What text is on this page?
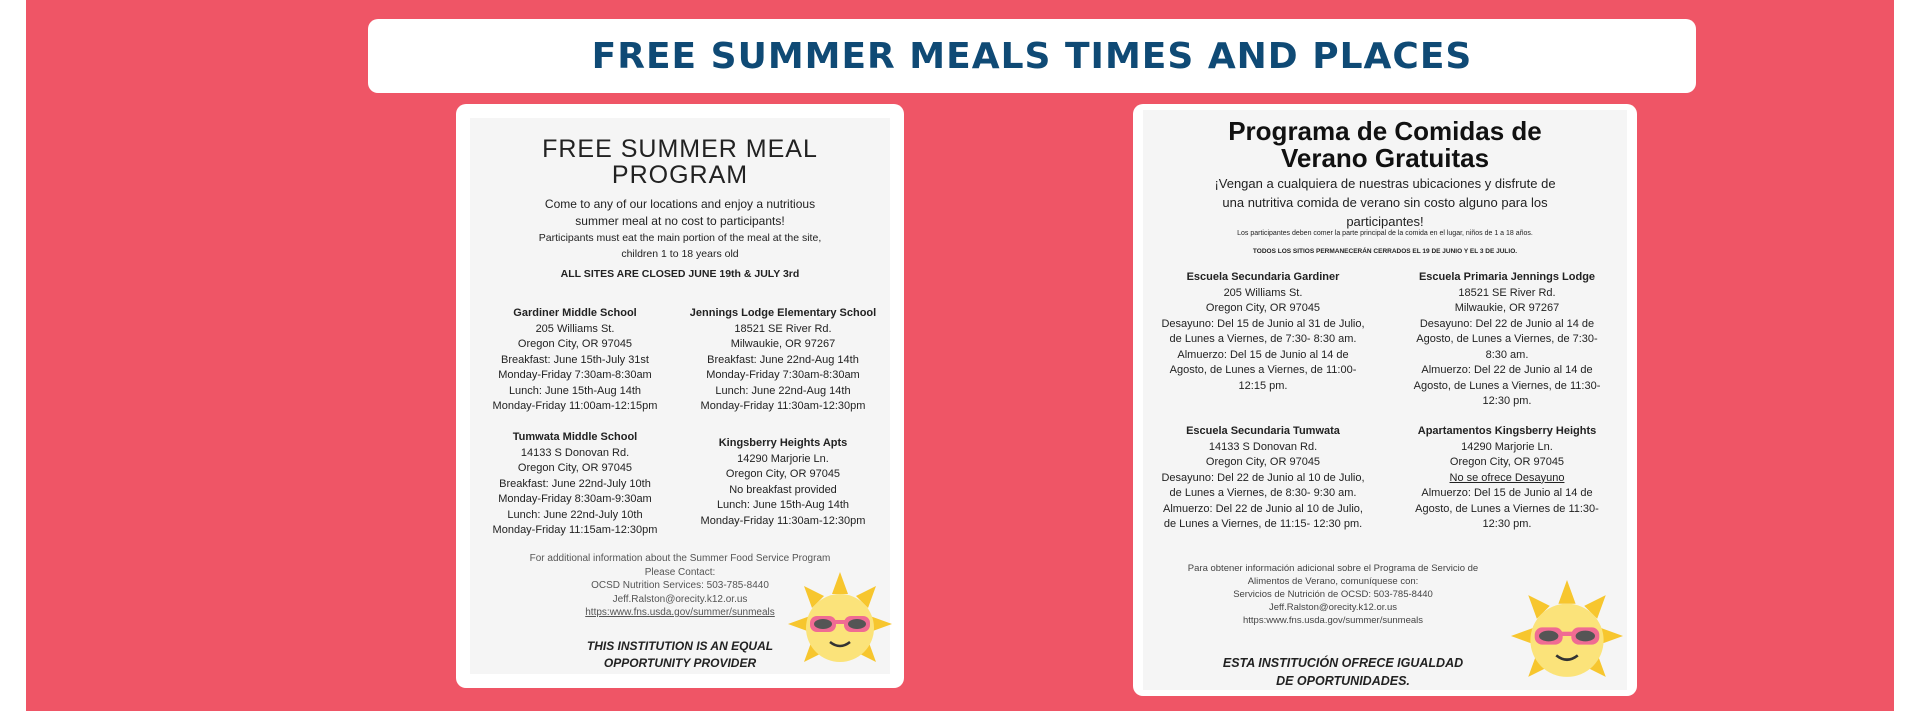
FREE SUMMER MEALS TIMES AND PLACES
FREE SUMMER MEAL
PROGRAM
Come to any of our locations and enjoy a nutritious
summer meal at no cost to participants!
Participants must eat the main portion of the meal at the site,
children 1 to 18 years old
ALL SITES ARE CLOSED JUNE 19th & JULY 3rd
Gardiner Middle School
205 Williams St.
Oregon City, OR 97045
Breakfast: June 15th-July 31st
Monday-Friday 7:30am-8:30am
Lunch: June 15th-Aug 14th
Monday-Friday 11:00am-12:15pm
Jennings Lodge Elementary School
18521 SE River Rd.
Milwaukie, OR 97267
Breakfast: June 22nd-Aug 14th
Monday-Friday 7:30am-8:30am
Lunch: June 22nd-Aug 14th
Monday-Friday 11:30am-12:30pm
Tumwata Middle School
14133 S Donovan Rd.
Oregon City, OR 97045
Breakfast: June 22nd-July 10th
Monday-Friday 8:30am-9:30am
Lunch: June 22nd-July 10th
Monday-Friday 11:15am-12:30pm
Kingsberry Heights Apts
14290 Marjorie Ln.
Oregon City, OR 97045
No breakfast provided
Lunch: June 15th-Aug 14th
Monday-Friday 11:30am-12:30pm
For additional information about the Summer Food Service Program
Please Contact:
OCSD Nutrition Services: 503-785-8440
Jeff.Ralston@orecity.k12.or.us
https:www.fns.usda.gov/summer/sunmeals
THIS INSTITUTION IS AN EQUAL
OPPORTUNITY PROVIDER
Programa de Comidas de
Verano Gratuitas
¡Vengan a cualquiera de nuestras ubicaciones y disfrute de
una nutritiva comida de verano sin costo alguno para los
participantes!
Los participantes deben comer la parte principal de la comida en el lugar, niños de 1 a 18 años.
TODOS LOS SITIOS PERMANECERÁN CERRADOS EL 19 DE JUNIO Y EL 3 DE JULIO.
Escuela Secundaria Gardiner
205 Williams St.
Oregon City, OR 97045
Desayuno: Del 15 de Junio al 31 de Julio,
de Lunes a Viernes, de 7:30- 8:30 am.
Almuerzo: Del 15 de Junio al 14 de
Agosto, de Lunes a Viernes, de 11:00-
12:15 pm.
Escuela Primaria Jennings Lodge
18521 SE River Rd.
Milwaukie, OR 97267
Desayuno: Del 22 de Junio al 14 de
Agosto, de Lunes a Viernes, de 7:30-
8:30 am.
Almuerzo: Del 22 de Junio al 14 de
Agosto, de Lunes a Viernes, de 11:30-
12:30 pm.
Escuela Secundaria Tumwata
14133 S Donovan Rd.
Oregon City, OR 97045
Desayuno: Del 22 de Junio al 10 de Julio,
de Lunes a Viernes, de 8:30- 9:30 am.
Almuerzo: Del 22 de Junio al 10 de Julio,
de Lunes a Viernes, de 11:15- 12:30 pm.
Apartamentos Kingsberry Heights
14290 Marjorie Ln.
Oregon City, OR 97045
No se ofrece Desayuno
Almuerzo: Del 15 de Junio al 14 de
Agosto, de Lunes a Viernes de 11:30-
12:30 pm.
Para obtener información adicional sobre el Programa de Servicio de
Alimentos de Verano, comuníquese con:
Servicios de Nutrición de OCSD: 503-785-8440
Jeff.Ralston@orecity.k12.or.us
https:www.fns.usda.gov/summer/sunmeals
ESTA INSTITUCIÓN OFRECE IGUALDAD
DE OPORTUNIDADES.
